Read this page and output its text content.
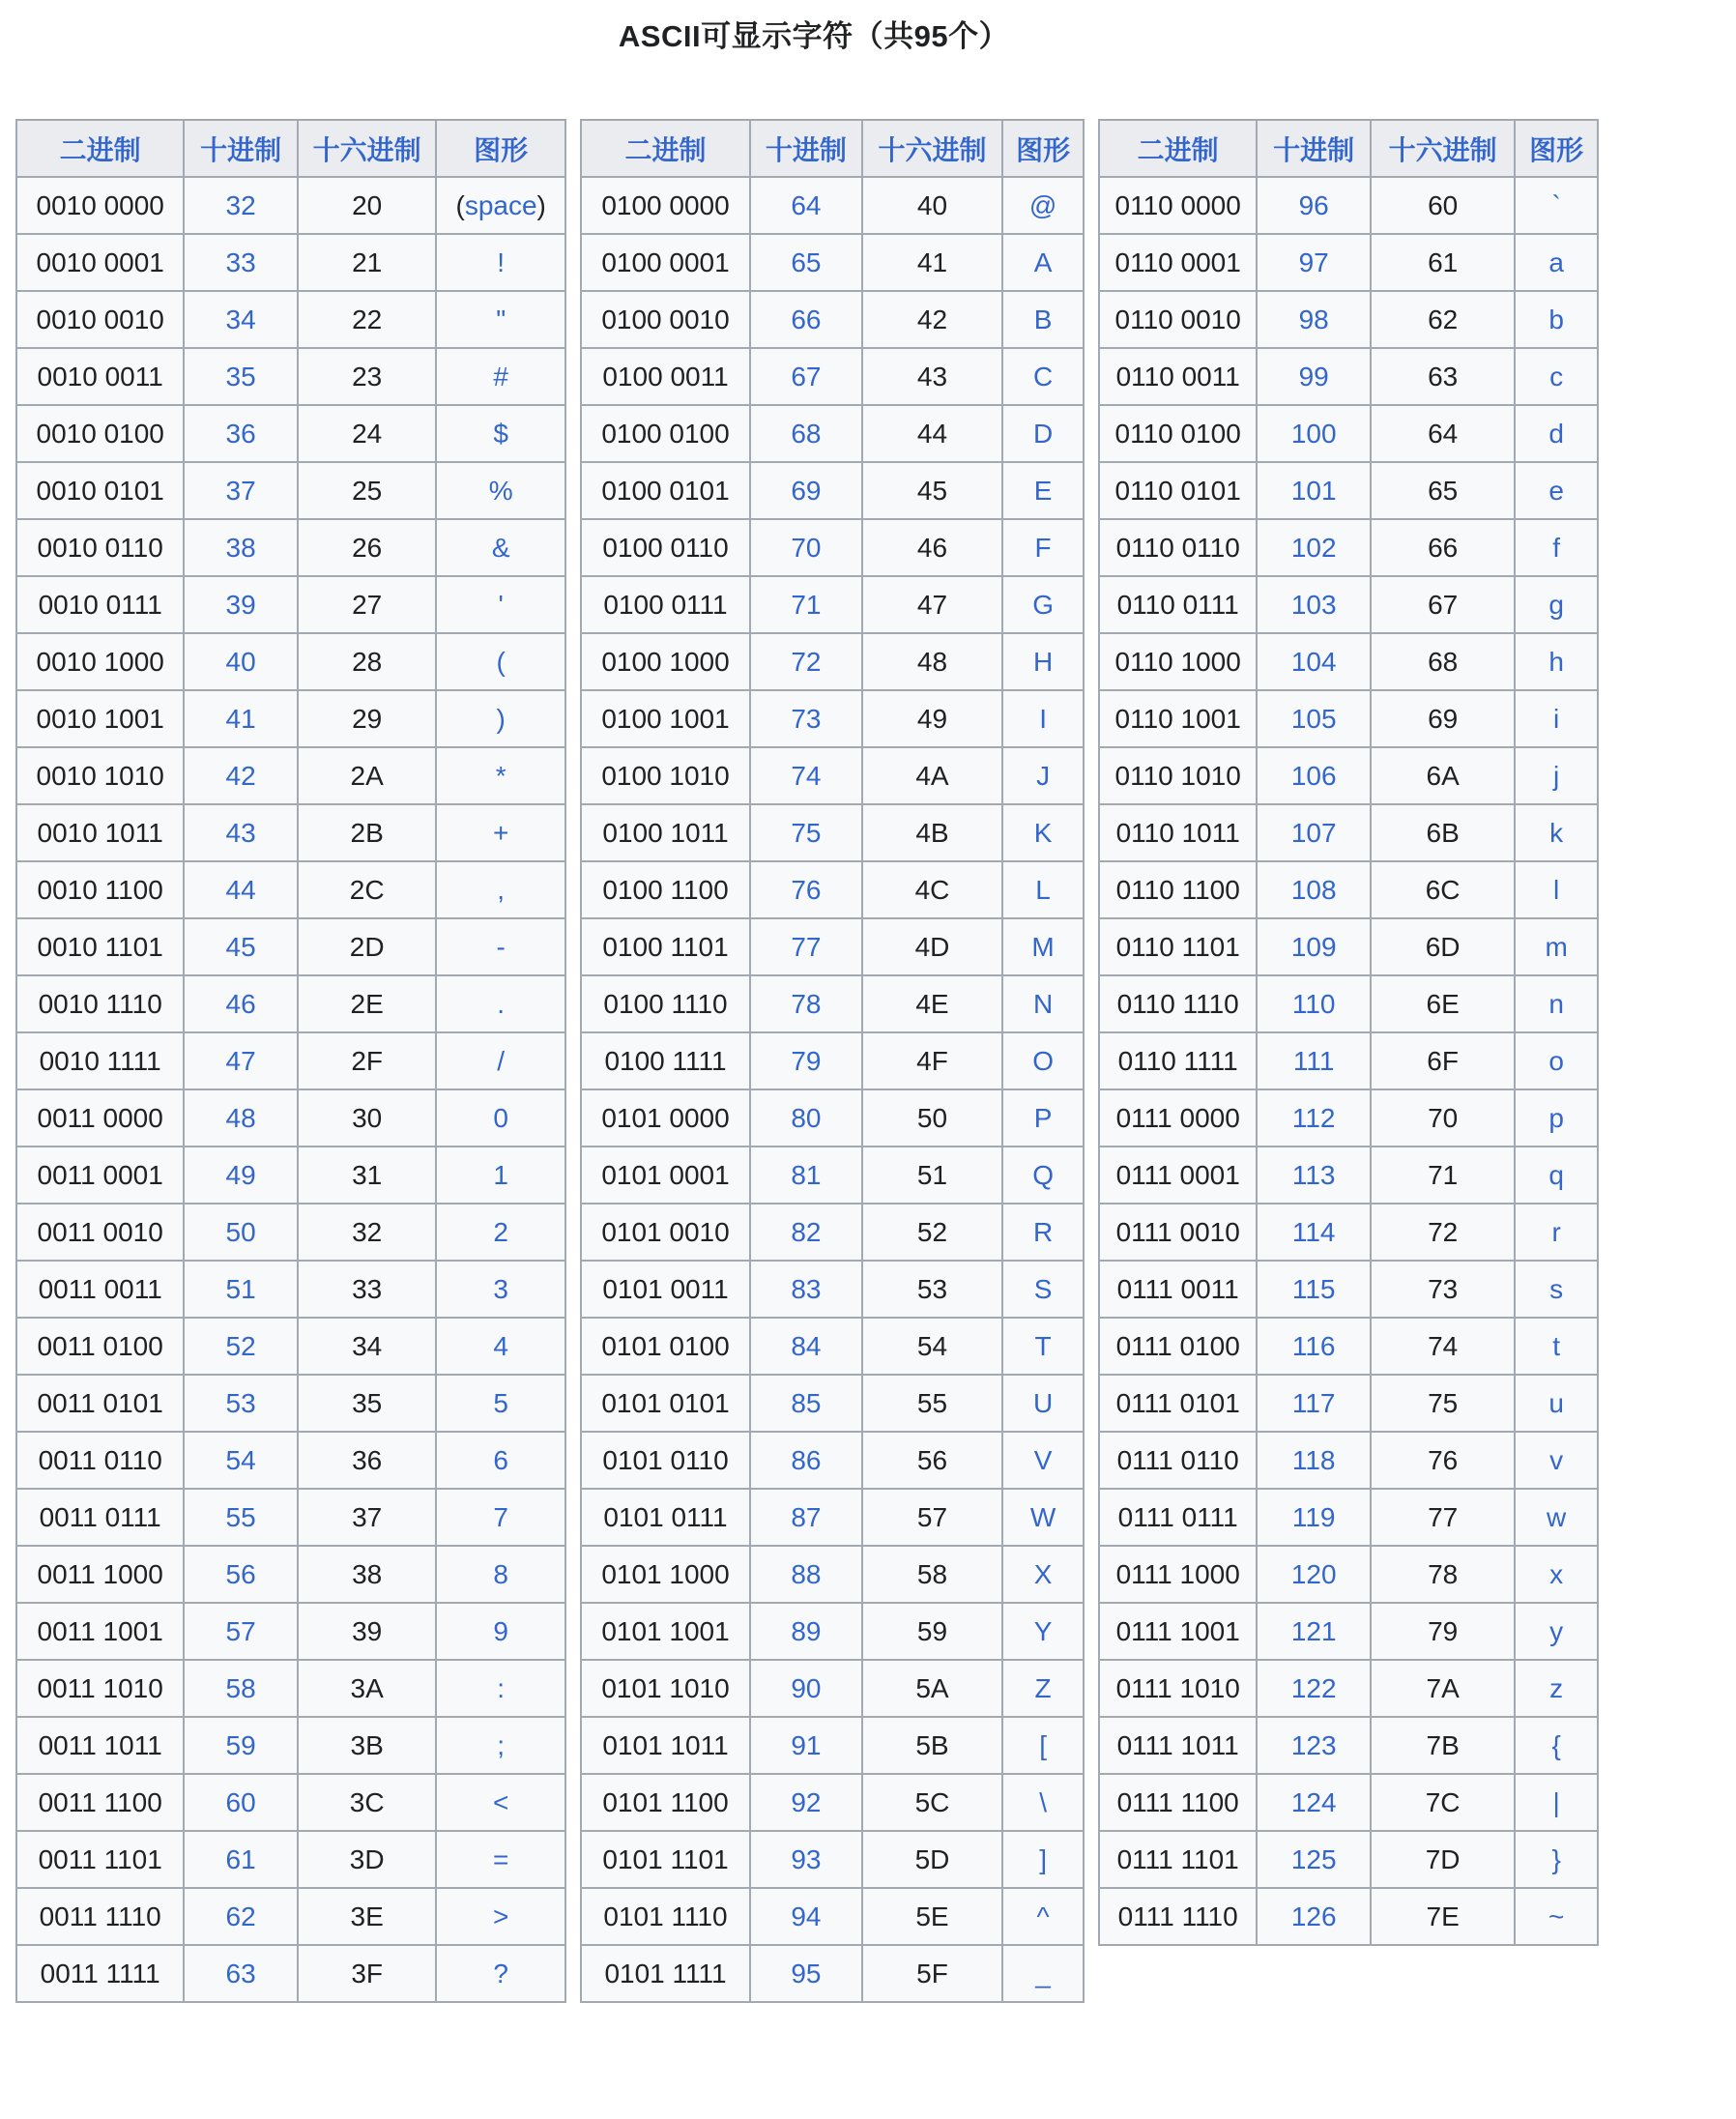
ASCII可显示字符（共95个）
二进制	十进制	十六进制	图形
0010 0000	32	20	(space)
0010 0001	33	21	!
0010 0010	34	22	"
0010 0011	35	23	#
0010 0100	36	24	$
0010 0101	37	25	%
0010 0110	38	26	&
0010 0111	39	27	'
0010 1000	40	28	(
0010 1001	41	29	)
0010 1010	42	2A	*
0010 1011	43	2B	+
0010 1100	44	2C	,
0010 1101	45	2D	-
0010 1110	46	2E	.
0010 1111	47	2F	/
0011 0000	48	30	0
0011 0001	49	31	1
0011 0010	50	32	2
0011 0011	51	33	3
0011 0100	52	34	4
0011 0101	53	35	5
0011 0110	54	36	6
0011 0111	55	37	7
0011 1000	56	38	8
0011 1001	57	39	9
0011 1010	58	3A	:
0011 1011	59	3B	;
0011 1100	60	3C	<
0011 1101	61	3D	=
0011 1110	62	3E	>
0011 1111	63	3F	?
二进制	十进制	十六进制	图形
0100 0000	64	40	@
0100 0001	65	41	A
0100 0010	66	42	B
0100 0011	67	43	C
0100 0100	68	44	D
0100 0101	69	45	E
0100 0110	70	46	F
0100 0111	71	47	G
0100 1000	72	48	H
0100 1001	73	49	I
0100 1010	74	4A	J
0100 1011	75	4B	K
0100 1100	76	4C	L
0100 1101	77	4D	M
0100 1110	78	4E	N
0100 1111	79	4F	O
0101 0000	80	50	P
0101 0001	81	51	Q
0101 0010	82	52	R
0101 0011	83	53	S
0101 0100	84	54	T
0101 0101	85	55	U
0101 0110	86	56	V
0101 0111	87	57	W
0101 1000	88	58	X
0101 1001	89	59	Y
0101 1010	90	5A	Z
0101 1011	91	5B	[
0101 1100	92	5C	\
0101 1101	93	5D	]
0101 1110	94	5E	^
0101 1111	95	5F	_
二进制	十进制	十六进制	图形
0110 0000	96	60	`
0110 0001	97	61	a
0110 0010	98	62	b
0110 0011	99	63	c
0110 0100	100	64	d
0110 0101	101	65	e
0110 0110	102	66	f
0110 0111	103	67	g
0110 1000	104	68	h
0110 1001	105	69	i
0110 1010	106	6A	j
0110 1011	107	6B	k
0110 1100	108	6C	l
0110 1101	109	6D	m
0110 1110	110	6E	n
0110 1111	111	6F	o
0111 0000	112	70	p
0111 0001	113	71	q
0111 0010	114	72	r
0111 0011	115	73	s
0111 0100	116	74	t
0111 0101	117	75	u
0111 0110	118	76	v
0111 0111	119	77	w
0111 1000	120	78	x
0111 1001	121	79	y
0111 1010	122	7A	z
0111 1011	123	7B	{
0111 1100	124	7C	|
0111 1101	125	7D	}
0111 1110	126	7E	~
